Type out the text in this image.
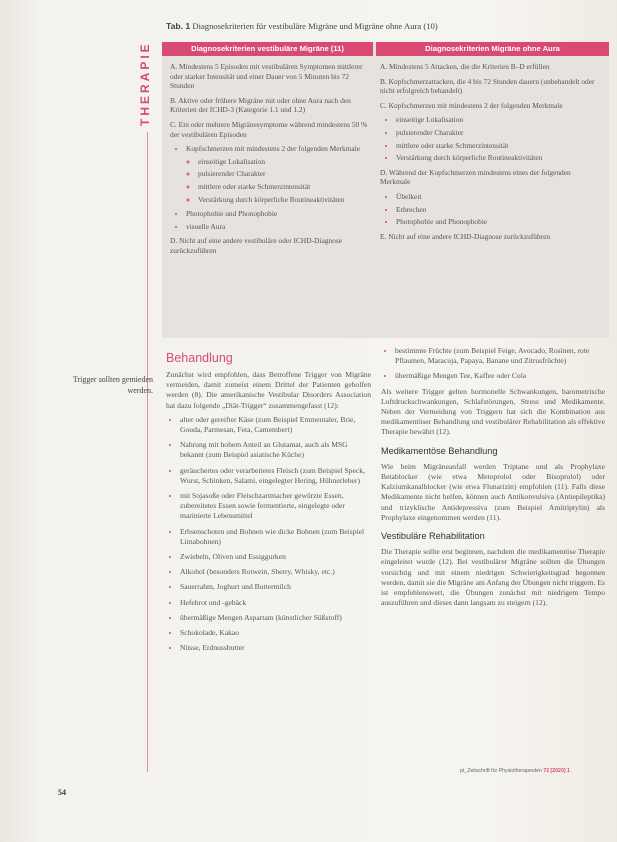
THERAPIE
Tab. 1 Diagnosekriterien für vestibuläre Migräne und Migräne ohne Aura (10)
Diagnosekriterien vestibuläre Migräne (11)	Diagnosekriterien Migräne ohne Aura

A. Mindestens 5 Episoden mit vestibulären Symptomen mittlerer oder starker Intensität und einer Dauer von 5 Minuten bis 72 Stunden

B. Aktive oder frühere Migräne mit oder ohne Aura nach den Kriterien der ICHD-3 (Kategorie 1.1 und 1.2)

C. Ein oder mehrere Migränesymptome während mindestens 50 % der vestibulären Episoden

• Kopfschmerzen mit mindestens 2 der folgenden Merkmale
◦ einseitige Lokalisation
◦ pulsierender Charakter
◦ mittlere oder starke Schmerzintensität
◦ Verstärkung durch körperliche Routineaktivitäten
• Photophobie und Phonophobie
• visuelle Aura

D. Nicht auf eine andere vestibuläre oder ICHD-Diagnose zurückzuführen

A. Mindestens 5 Attacken, die die Kriterien B–D erfüllen

B. Kopfschmerzattacken, die 4 bis 72 Stunden dauern (unbehandelt oder nicht erfolgreich behandelt)

C. Kopfschmerzen mit mindestens 2 der folgenden Merkmale

• einseitige Lokalisation
• pulsierender Charakter
• mittlere oder starke Schmerzintensität
• Verstärkung durch körperliche Routineaktivitäten

D. Während der Kopfschmerzen mindestens eines der folgenden Merkmale

• Übelkeit
• Erbrechen
• Photophobie und Phonophobie

E. Nicht auf eine andere ICHD-Diagnose zurückzuführen

Trigger sollten gemieden werden.
Behandlung

Zunächst wird empfohlen, dass Betroffene Trigger von Migräne vermeiden, damit zumeist einem Drittel der Patienten geholfen werden (8). Die amerikanische Vestibular Disorders Association hat dazu folgende „Diät-Trigger“ zusammengefasst (12):

• alter oder gereifter Käse (zum Beispiel Emmentaler, Brie, Gouda, Parmesan, Feta, Camembert)
• Nahrung mit hohem Anteil an Glutamat, auch als MSG bekannt (zum Beispiel asiatische Küche)
• geräuchertes oder verarbeitetes Fleisch (zum Beispiel Speck, Wurst, Schinken, Salami, eingelegter Hering, Hühnerleber)
• mit Sojasoße oder Fleischzartmacher gewürzte Essen, zubereitetes Essen sowie fermentierte, eingelegte oder marinierte Lebensmittel
• Erbsenschoten und Bohnen wie dicke Bohnen (zum Beispiel Limabohnen)
• Zwiebeln, Oliven und Essiggurken
• Alkohol (besonders Rotwein, Sherry, Whisky, etc.)
• Sauerrahm, Joghurt und Buttermilch
• Hefebrot und -gebäck
• übermäßige Mengen Aspartam (künstlicher Süßstoff)
• Schokolade, Kakao
• Nüsse, Erdnussbutter
• bestimmte Früchte (zum Beispiel Feige, Avocado, Rosinen, rote Pflaumen, Maracuja, Papaya, Banane und Zitrusfrüchte)
• übermäßige Mengen Tee, Kaffee oder Cola

Als weitere Trigger gelten hormonelle Schwankungen, barometrische Luftdruckschwankungen, Schlafstörungen, Stress und Medikamente. Neben der Vermeidung von Triggern hat sich die Kombination aus medikamentöser Behandlung und vestibulärer Rehabilitation als effektive Therapie bewährt (12).

Medikamentöse Behandlung

Wie beim Migräneanfall werden Triptane und als Prophylaxe Betablocker (wie etwa Metoprolol oder Bisoprolol) oder Kalziumkanalblocker (wie etwa Flunarizin) empfohlen (11). Falls diese Medikamente nicht helfen, können auch Antikonvulsiva (Antiepileptika) und trizyklische Antidepressiva (zum Beispiel Amitriptylin) als Prophylaxe eingenommen werden (11).

Vestibuläre Rehabilitation

Die Therapie sollte erst beginnen, nachdem die medikamentöse Therapie eingeleitet wurde (12). Bei vestibulärer Migräne sollten die Übungen vorsichtig und mit einem niedrigen Schwierigkeitsgrad begonnen werden, damit sie die Migräne am Anfang der Übungen nicht triggern. Es ist empfehlenswert, die Übungen zunächst mit niedrigem Tempo auszuführen und dieses dann langsam zu steigern (12).

54
pt_Zeitschrift für Physiotherapeuten 72 [2020] 1
